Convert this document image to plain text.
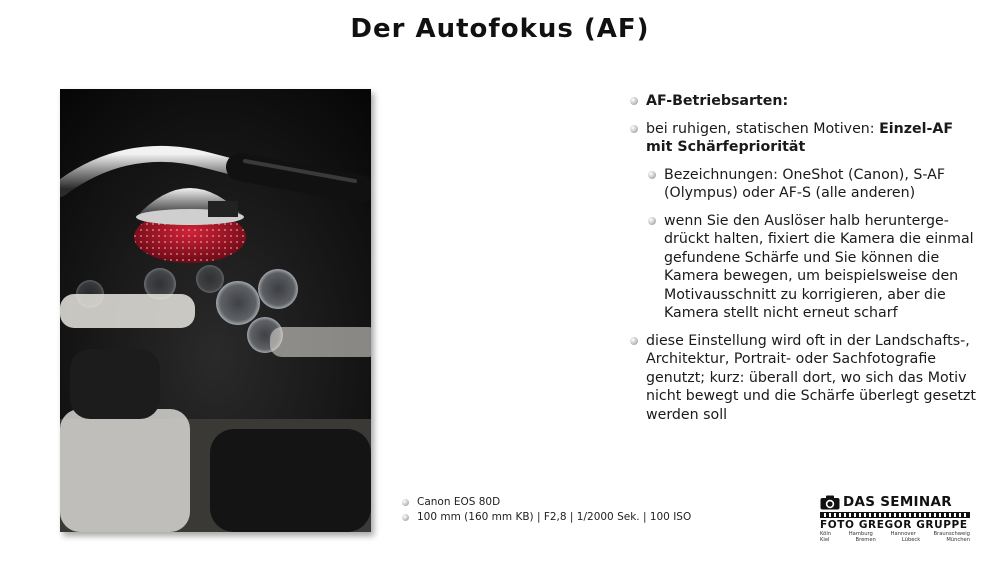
Der Autofokus (AF)
AF-Betriebsarten:
bei ruhigen, statischen Motiven: Einzel-AF mit Schärfepriorität
Bezeichnungen: OneShot (Canon), S-AF (Olympus) oder AF-S (alle anderen)
wenn Sie den Auslöser halb herunterge-drückt halten, fixiert die Kamera die einmal gefundene Schärfe und Sie können die Kamera bewegen, um beispielsweise den Motivausschnitt zu korrigieren, aber die Kamera stellt nicht erneut scharf
diese Einstellung wird oft in der Landschafts-, Architektur, Portrait- oder Sachfotografie genutzt; kurz: überall dort, wo sich das Motiv nicht bewegt und die Schärfe überlegt gesetzt werden soll
Canon EOS 80D
100 mm (160 mm KB) | F2,8 | 1/2000 Sek. | 100 ISO
DAS SEMINAR
FOTO GREGOR GRUPPE
Köln	Hamburg	Hannover	Braunschweig
Kiel	Bremen	Lübeck	München
